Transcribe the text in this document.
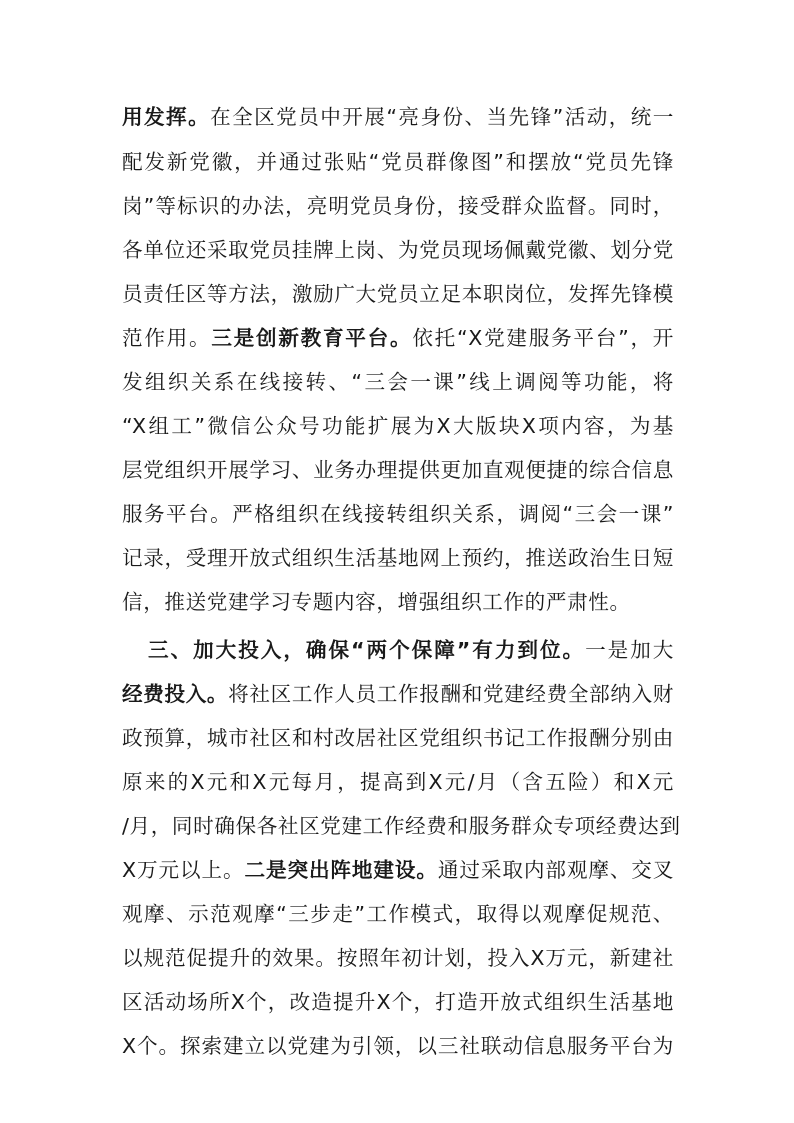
用发挥。在全区党员中开展“亮身份、当先锋”活动，统一
配发新党徽，并通过张贴“党员群像图”和摆放“党员先锋
岗”等标识的办法，亮明党员身份，接受群众监督。同时，
各单位还采取党员挂牌上岗、为党员现场佩戴党徽、划分党
员责任区等方法，激励广大党员立足本职岗位，发挥先锋模
范作用。三是创新教育平台。依托“X党建服务平台”，开
发组织关系在线接转、“三会一课”线上调阅等功能，将
“X组工”微信公众号功能扩展为X大版块X项内容，为基
层党组织开展学习、业务办理提供更加直观便捷的综合信息
服务平台。严格组织在线接转组织关系，调阅“三会一课”
记录，受理开放式组织生活基地网上预约，推送政治生日短
信，推送党建学习专题内容，增强组织工作的严肃性。
三、加大投入，确保“两个保障”有力到位。一是加大
经费投入。将社区工作人员工作报酬和党建经费全部纳入财
政预算，城市社区和村改居社区党组织书记工作报酬分别由
原来的X元和X元每月，提高到X元/月（含五险）和X元
/月，同时确保各社区党建工作经费和服务群众专项经费达到
X万元以上。二是突出阵地建设。通过采取内部观摩、交叉
观摩、示范观摩“三步走”工作模式，取得以观摩促规范、
以规范促提升的效果。按照年初计划，投入X万元，新建社
区活动场所X个，改造提升X个，打造开放式组织生活基地
X个。探索建立以党建为引领，以三社联动信息服务平台为
